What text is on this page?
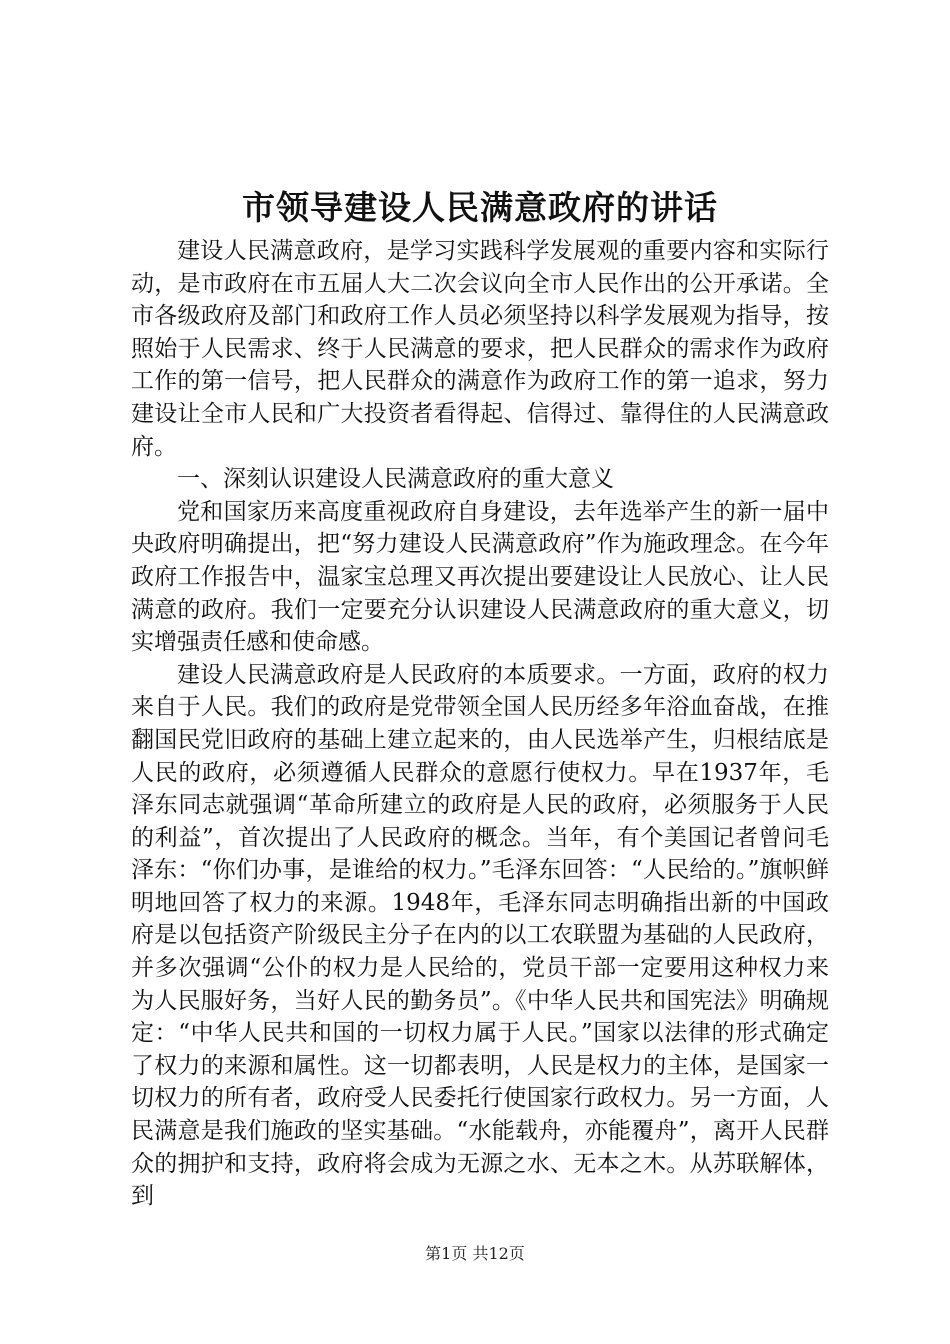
市领导建设人民满意政府的讲话

建设人民满意政府，是学习实践科学发展观的重要内容和实际行动，是市政府在市五届人大二次会议向全市人民作出的公开承诺。全市各级政府及部门和政府工作人员必须坚持以科学发展观为指导，按照始于人民需求、终于人民满意的要求，把人民群众的需求作为政府工作的第一信号，把人民群众的满意作为政府工作的第一追求，努力建设让全市人民和广大投资者看得起、信得过、靠得住的人民满意政府。

一、深刻认识建设人民满意政府的重大意义

党和国家历来高度重视政府自身建设，去年选举产生的新一届中央政府明确提出，把“努力建设人民满意政府”作为施政理念。在今年政府工作报告中，温家宝总理又再次提出要建设让人民放心、让人民满意的政府。我们一定要充分认识建设人民满意政府的重大意义，切实增强责任感和使命感。

建设人民满意政府是人民政府的本质要求。一方面，政府的权力来自于人民。我们的政府是党带领全国人民历经多年浴血奋战，在推翻国民党旧政府的基础上建立起来的，由人民选举产生，归根结底是人民的政府，必须遵循人民群众的意愿行使权力。早在1937年，毛泽东同志就强调“革命所建立的政府是人民的政府，必须服务于人民的利益”，首次提出了人民政府的概念。当年，有个美国记者曾问毛泽东：“你们办事，是谁给的权力。”毛泽东回答：“人民给的。”旗帜鲜明地回答了权力的来源。1948年，毛泽东同志明确指出新的中国政府是以包括资产阶级民主分子在内的以工农联盟为基础的人民政府，并多次强调“公仆的权力是人民给的，党员干部一定要用这种权力来为人民服好务，当好人民的勤务员”。《中华人民共和国宪法》明确规定：“中华人民共和国的一切权力属于人民。”国家以法律的形式确定了权力的来源和属性。这一切都表明，人民是权力的主体，是国家一切权力的所有者，政府受人民委托行使国家行政权力。另一方面，人民满意是我们施政的坚实基础。“水能载舟，亦能覆舟”，离开人民群众的拥护和支持，政府将会成为无源之水、无本之木。从苏联解体，到

第1页 共12页
